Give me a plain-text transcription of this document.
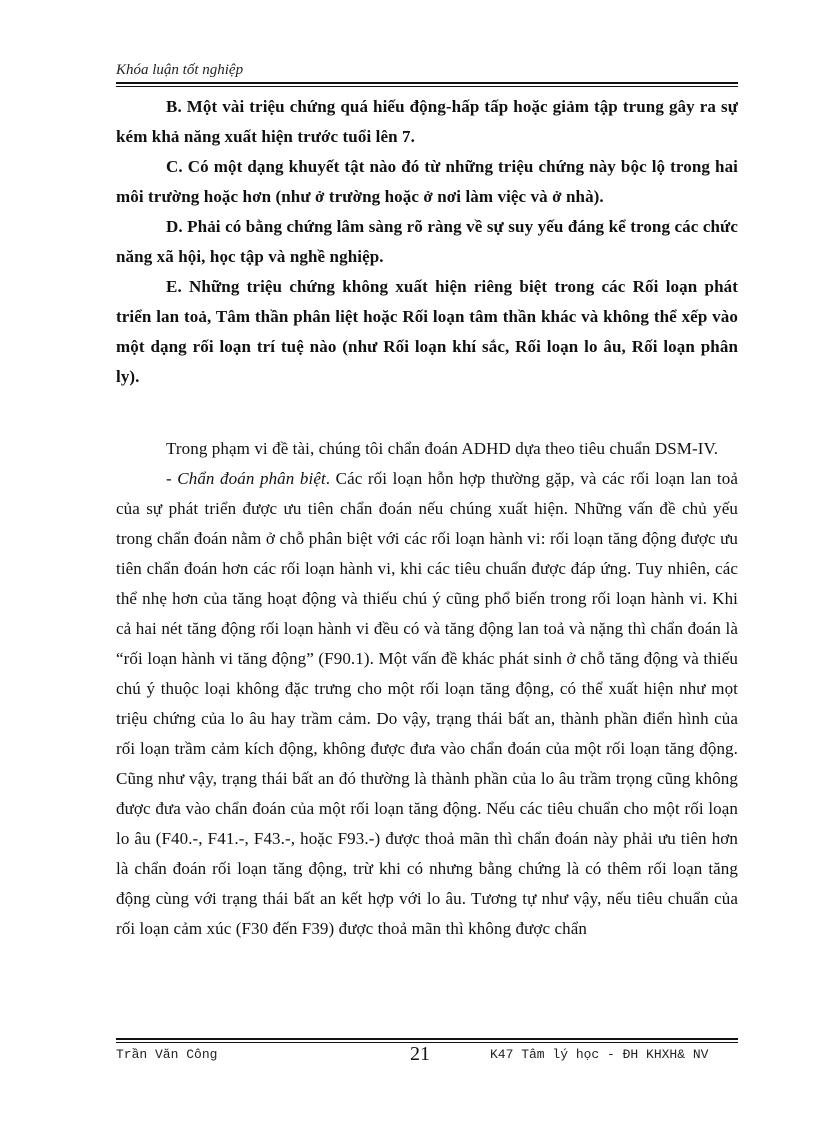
Khóa luận tốt nghiệp

B. Một vài triệu chứng quá hiếu động-hấp tấp hoặc giảm tập trung gây ra sự kém khả năng xuất hiện trước tuổi lên 7.

C. Có một dạng khuyết tật nào đó từ những triệu chứng này bộc lộ trong hai môi trường hoặc hơn (như ở trường hoặc ở nơi làm việc và ở nhà).

D. Phải có bằng chứng lâm sàng rõ ràng về sự suy yếu đáng kể trong các chức năng xã hội, học tập và nghề nghiệp.

E. Những triệu chứng không xuất hiện riêng biệt trong các Rối loạn phát triển lan toả, Tâm thần phân liệt hoặc Rối loạn tâm thần khác và không thể xếp vào một dạng rối loạn trí tuệ nào (như Rối loạn khí sắc, Rối loạn lo âu, Rối loạn phân ly).

Trong phạm vi đề tài, chúng tôi chẩn đoán ADHD dựa theo tiêu chuẩn DSM-IV.

- Chẩn đoán phân biệt. Các rối loạn hỗn hợp thường gặp, và các rối loạn lan toả của sự phát triển được ưu tiên chẩn đoán nếu chúng xuất hiện. Những vấn đề chủ yếu trong chẩn đoán nằm ở chỗ phân biệt với các rối loạn hành vi: rối loạn tăng động được ưu tiên chẩn đoán hơn các rối loạn hành vi, khi các tiêu chuẩn được đáp ứng. Tuy nhiên, các thể nhẹ hơn của tăng hoạt động và thiếu chú ý cũng phổ biến trong rối loạn hành vi. Khi cả hai nét tăng động rối loạn hành vi đều có và tăng động lan toả và nặng thì chẩn đoán là “rối loạn hành vi tăng động” (F90.1). Một vấn đề khác phát sinh ở chỗ tăng động và thiếu chú ý thuộc loại không đặc trưng cho một rối loạn tăng động, có thể xuất hiện như mọt triệu chứng của lo âu hay trầm cảm. Do vậy, trạng thái bất an, thành phần điển hình của rối loạn trầm cảm kích động, không được đưa vào chẩn đoán của một rối loạn tăng động. Cũng như vậy, trạng thái bất an đó thường là thành phần của lo âu trầm trọng cũng không được đưa vào chẩn đoán của một rối loạn tăng động. Nếu các tiêu chuẩn cho một rối loạn lo âu (F40.-, F41.-, F43.-, hoặc F93.-) được thoả mãn thì chẩn đoán này phải ưu tiên hơn là chẩn đoán rối loạn tăng động, trừ khi có nhưng bằng chứng là có thêm rối loạn tăng động cùng với trạng thái bất an kết hợp với lo âu. Tương tự như vậy, nếu tiêu chuẩn của rối loạn cảm xúc (F30 đến F39) được thoả mãn thì không được chẩn

Trần Văn Công	21	K47 Tâm lý học - ĐH KHXH& NV
